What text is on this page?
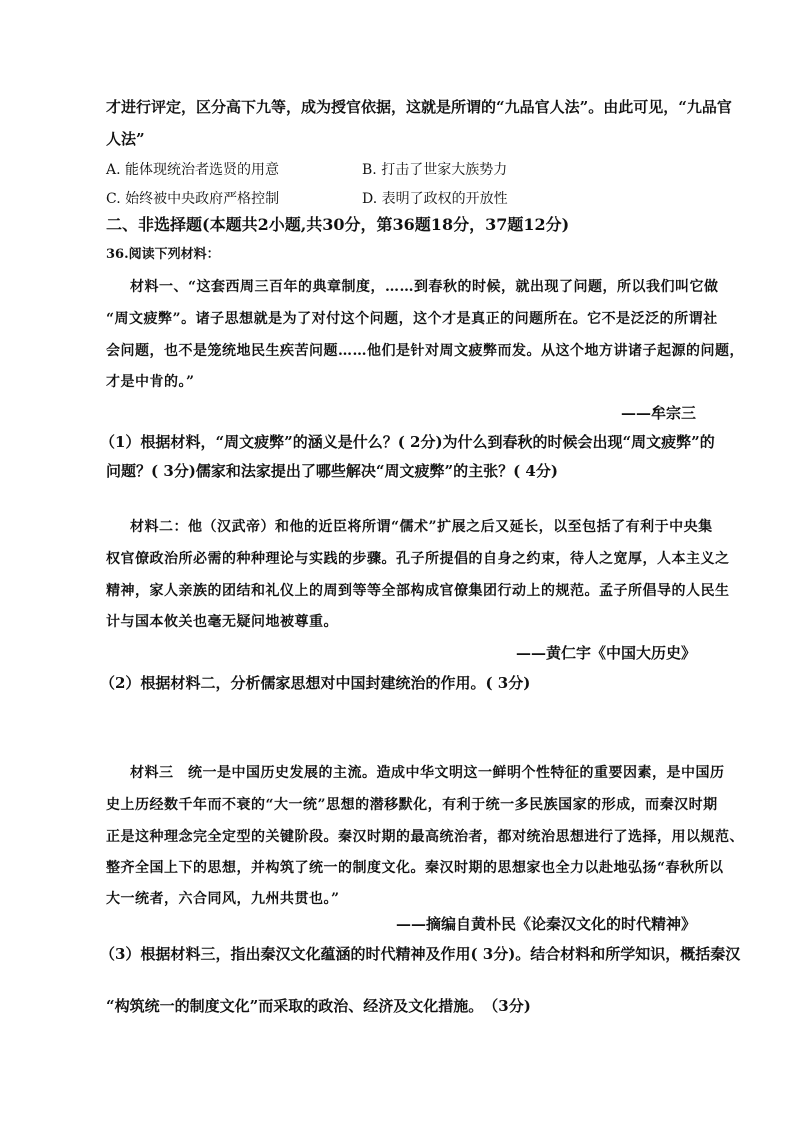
才进行评定，区分高下九等，成为授官依据，这就是所谓的“九品官人法”。由此可见，“九品官
人法”
A. 能体现统治者选贤的用意	B. 打击了世家大族势力
C. 始终被中央政府严格控制	D. 表明了政权的开放性
二、非选择题(本题共2小题,共30分，第36题18分，37题12分)
36.阅读下列材料：
材料一、“这套西周三百年的典章制度，……到春秋的时候，就出现了问题，所以我们叫它做
“周文疲弊”。诸子思想就是为了对付这个问题，这个才是真正的问题所在。它不是泛泛的所谓社
会问题，也不是笼统地民生疾苦问题……他们是针对周文疲弊而发。从这个地方讲诸子起源的问题，
才是中肯的。”
——牟宗三
（1）根据材料，“周文疲弊”的涵义是什么？( 2分)为什么到春秋的时候会出现“周文疲弊”的
问题？( 3分)儒家和法家提出了哪些解决“周文疲弊”的主张？( 4分)
材料二：他（汉武帝）和他的近臣将所谓“儒术”扩展之后又延长，以至包括了有利于中央集
权官僚政治所必需的种种理论与实践的步骤。孔子所提倡的自身之约束，待人之宽厚，人本主义之
精神，家人亲族的团结和礼仪上的周到等等全部构成官僚集团行动上的规范。孟子所倡导的人民生
计与国本攸关也毫无疑问地被尊重。
——黄仁宇《中国大历史》
（2）根据材料二，分析儒家思想对中国封建统治的作用。( 3分)
材料三　统一是中国历史发展的主流。造成中华文明这一鲜明个性特征的重要因素，是中国历
史上历经数千年而不衰的“大一统”思想的潜移默化，有利于统一多民族国家的形成，而秦汉时期
正是这种理念完全定型的关键阶段。秦汉时期的最高统治者，都对统治思想进行了选择，用以规范、
整齐全国上下的思想，并构筑了统一的制度文化。秦汉时期的思想家也全力以赴地弘扬“春秋所以
大一统者，六合同风，九州共贯也。”
——摘编自黄朴民《论秦汉文化的时代精神》
（3）根据材料三，指出秦汉文化蕴涵的时代精神及作用( 3分)。结合材料和所学知识，概括秦汉
“构筑统一的制度文化”而采取的政治、经济及文化措施。　（3分)
